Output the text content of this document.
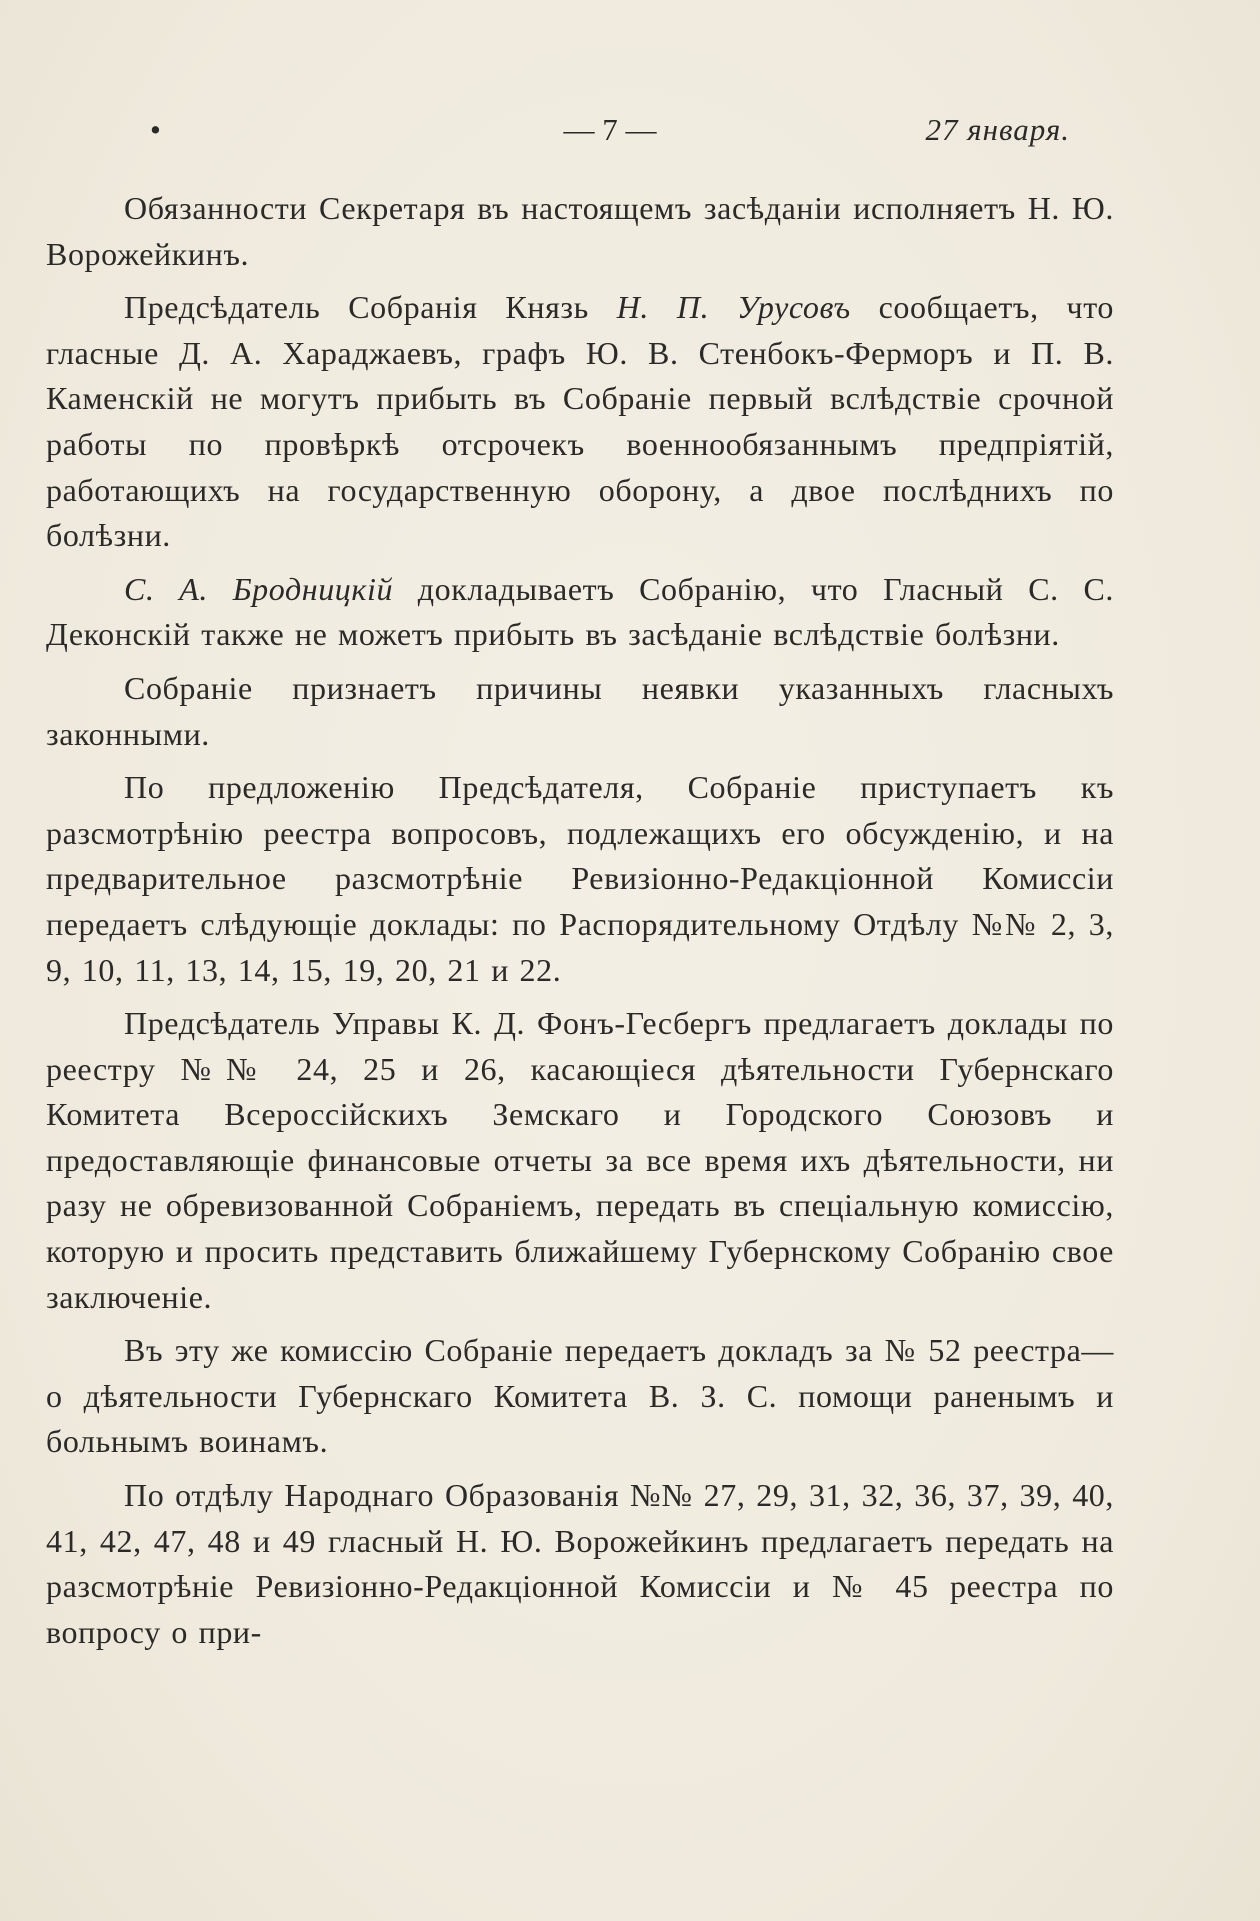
•	— 7 —	27 января.

Обязанности Секретаря въ настоящемъ засѣданіи исполняетъ Н. Ю. Ворожейкинъ.

Предсѣдатель Собранія Князь Н. П. Урусовъ сообщаетъ, что гласные Д. А. Хараджаевъ, графъ Ю. В. Стенбокъ-Ферморъ и П. В. Каменскій не могутъ прибыть въ Собраніе первый вслѣдствіе срочной работы по провѣркѣ отсрочекъ военнообязаннымъ предпріятій, работающихъ на государственную оборону, а двое послѣднихъ по болѣзни.

С. А. Бродницкій докладываетъ Собранію, что Гласный С. С. Деконскій также не можетъ прибыть въ засѣданіе вслѣдствіе болѣзни.

Собраніе признаетъ причины неявки указанныхъ гласныхъ законными.

По предложенію Предсѣдателя, Собраніе приступаетъ къ разсмотрѣнію реестра вопросовъ, подлежащихъ его обсужденію, и на предварительное разсмотрѣніе Ревизіонно-Редакціонной Комиссіи передаетъ слѣдующіе доклады: по Распорядительному Отдѣлу №№ 2, 3, 9, 10, 11, 13, 14, 15, 19, 20, 21 и 22.

Предсѣдатель Управы К. Д. Фонъ-Гесбергъ предлагаетъ доклады по реестру №№ 24, 25 и 26, касающіеся дѣятельности Губернскаго Комитета Всероссійскихъ Земскаго и Городского Союзовъ и предоставляющіе финансовые отчеты за все время ихъ дѣятельности, ни разу не обревизованной Собраніемъ, передать въ спеціальную комиссію, которую и просить представить ближайшему Губернскому Собранію свое заключеніе.

Въ эту же комиссію Собраніе передаетъ докладъ за № 52 реестра—о дѣятельности Губернскаго Комитета В. З. С. помощи раненымъ и больнымъ воинамъ.

По отдѣлу Народнаго Образованія №№ 27, 29, 31, 32, 36, 37, 39, 40, 41, 42, 47, 48 и 49 гласный Н. Ю. Ворожейкинъ предлагаетъ передать на разсмотрѣніе Ревизіонно-Редакціонной Комиссіи и № 45 реестра по вопросу о при-
